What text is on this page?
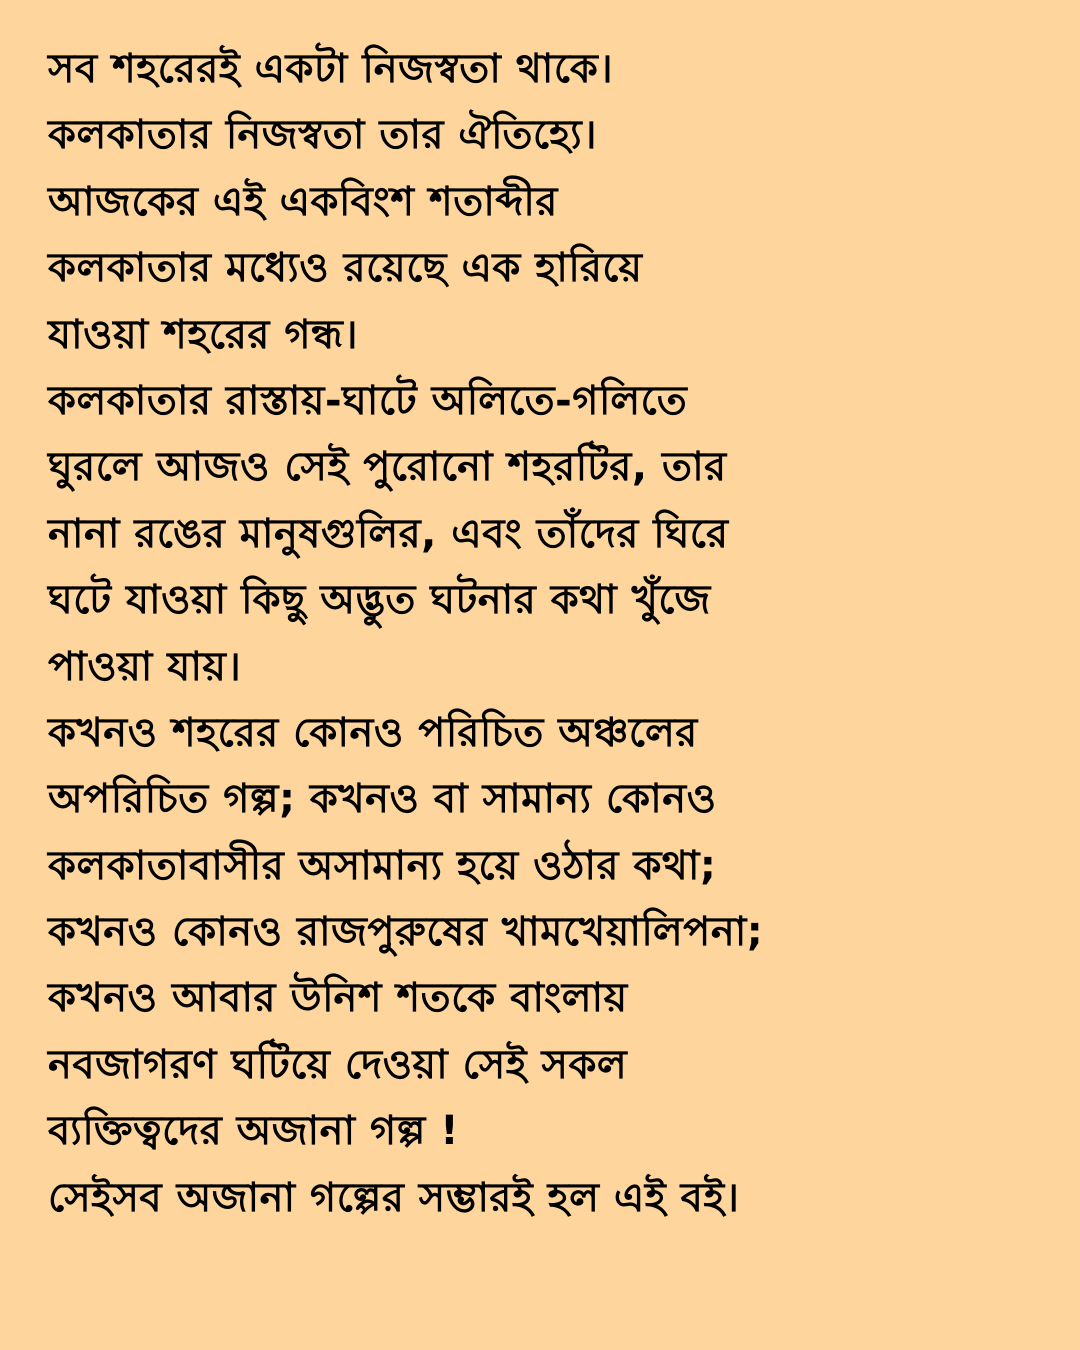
সব শহরেরই একটা নিজস্বতা থাকে।
কলকাতার নিজস্বতা তার ঐতিহ্যে।
আজকের এই একবিংশ শতাব্দীর
কলকাতার মধ্যেও রয়েছে এক হারিয়ে
যাওয়া শহরের গন্ধ।
কলকাতার রাস্তায়-ঘাটে অলিতে-গলিতে
ঘুরলে আজও সেই পুরোনো শহরটির, তার
নানা রঙের মানুষগুলির, এবং তাঁদের ঘিরে
ঘটে যাওয়া কিছু অদ্ভুত ঘটনার কথা খুঁজে
পাওয়া যায়।
কখনও শহরের কোনও পরিচিত অঞ্চলের
অপরিচিত গল্প; কখনও বা সামান্য কোনও
কলকাতাবাসীর অসামান্য হয়ে ওঠার কথা;
কখনও কোনও রাজপুরুষের খামখেয়ালিপনা;
কখনও আবার উনিশ শতকে বাংলায়
নবজাগরণ ঘটিয়ে দেওয়া সেই সকল
ব্যক্তিত্বদের অজানা গল্প !
সেইসব অজানা গল্পের সম্ভারই হল এই বই।
